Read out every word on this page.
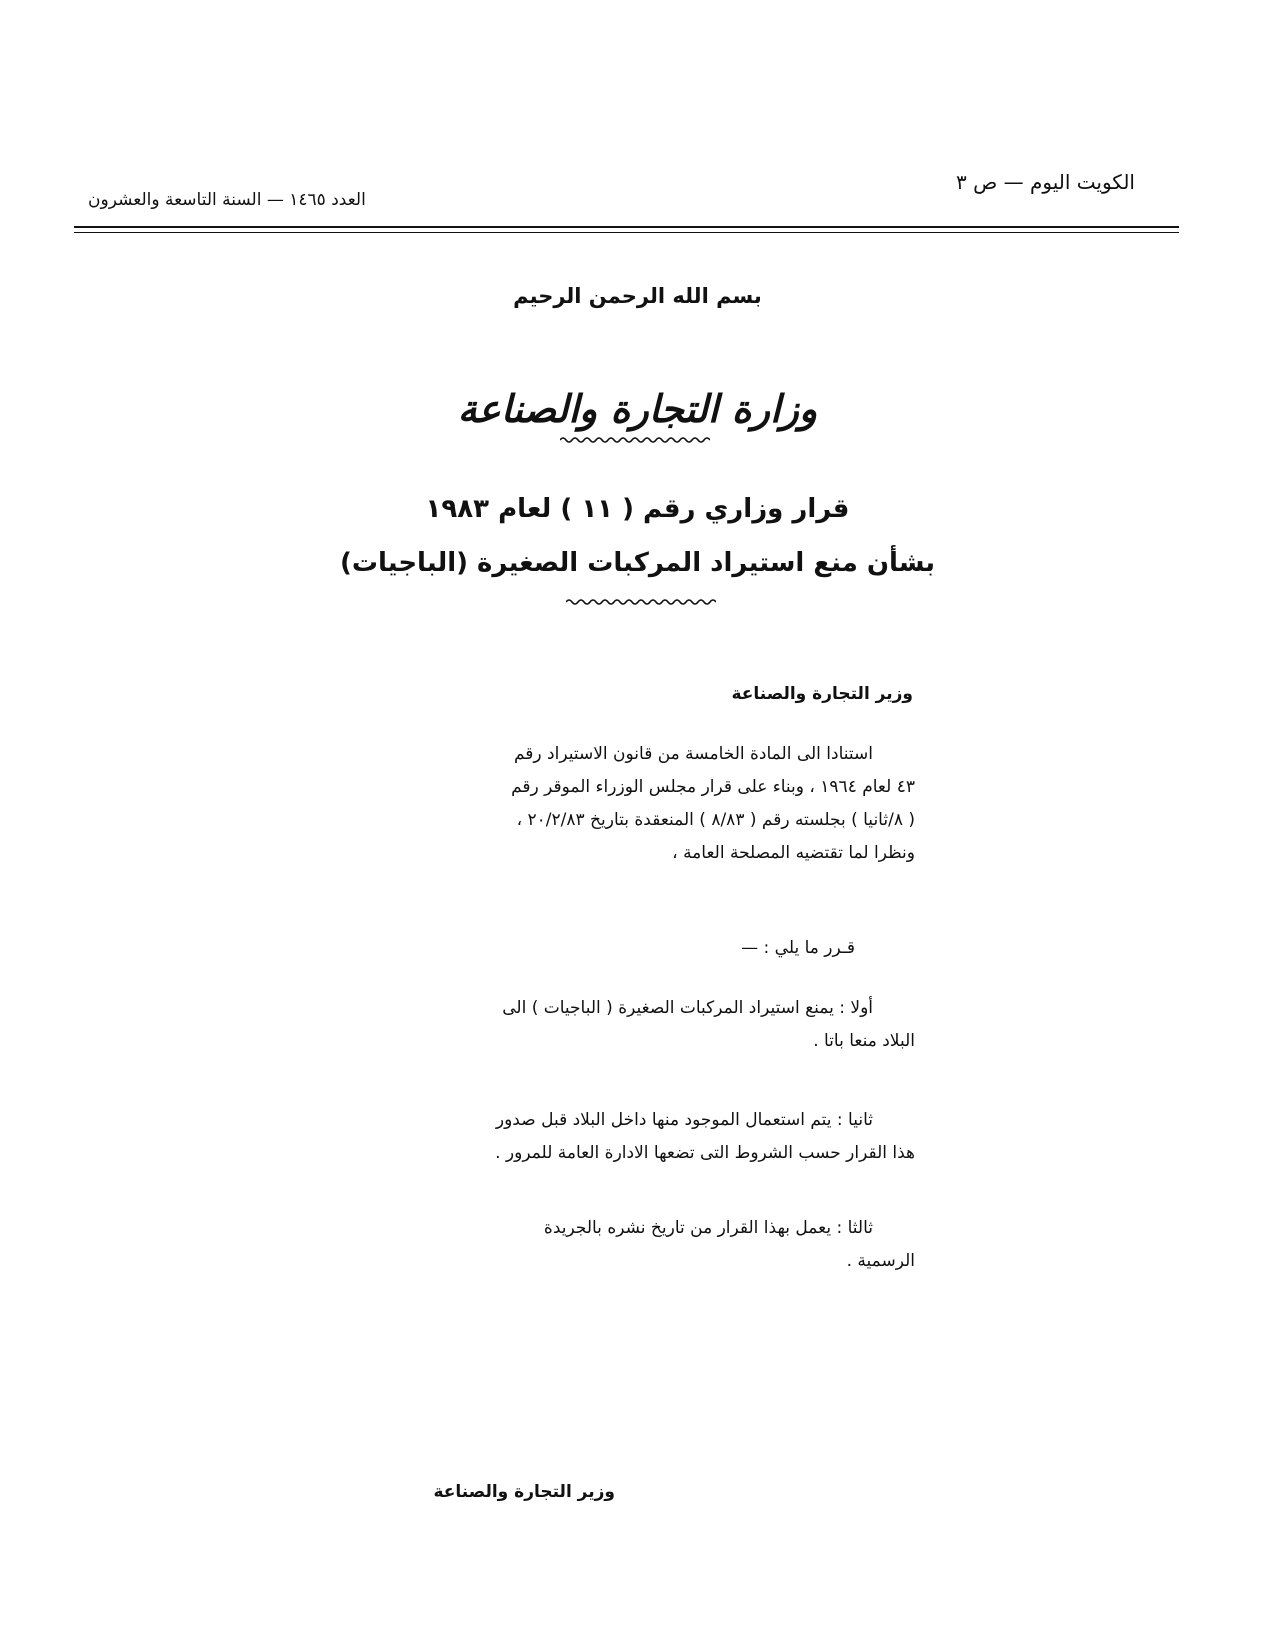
الكويت اليوم — ص ٣
العدد ١٤٦٥ — السنة التاسعة والعشرون
بسم الله الرحمن الرحيم
وزارة التجارة والصناعة
قرار وزاري رقم ( ١١ ) لعام ١٩٨٣
بشأن منع استيراد المركبات الصغيرة (الباجيات)
وزير التجارة والصناعة
استنادا الى المادة الخامسة من قانون الاستيراد رقم
٤٣ لعام ١٩٦٤ ، وبناء على قرار مجلس الوزراء الموقر رقم
( ٨/ثانيا ) بجلسته رقم ( ٨/٨٣ ) المنعقدة بتاريخ ٢٠/٢/٨٣ ،
ونظرا لما تقتضيه المصلحة العامة ،
قـرر ما يلي : —
أولا : يمنع استيراد المركبات الصغيرة ( الباجيات ) الى
البلاد منعا باتا .
ثانيا : يتم استعمال الموجود منها داخل البلاد قبل صدور
هذا القرار حسب الشروط التى تضعها الادارة العامة للمرور .
ثالثا : يعمل بهذا القرار من تاريخ نشره بالجريدة
الرسمية .
وزير التجارة والصناعة
